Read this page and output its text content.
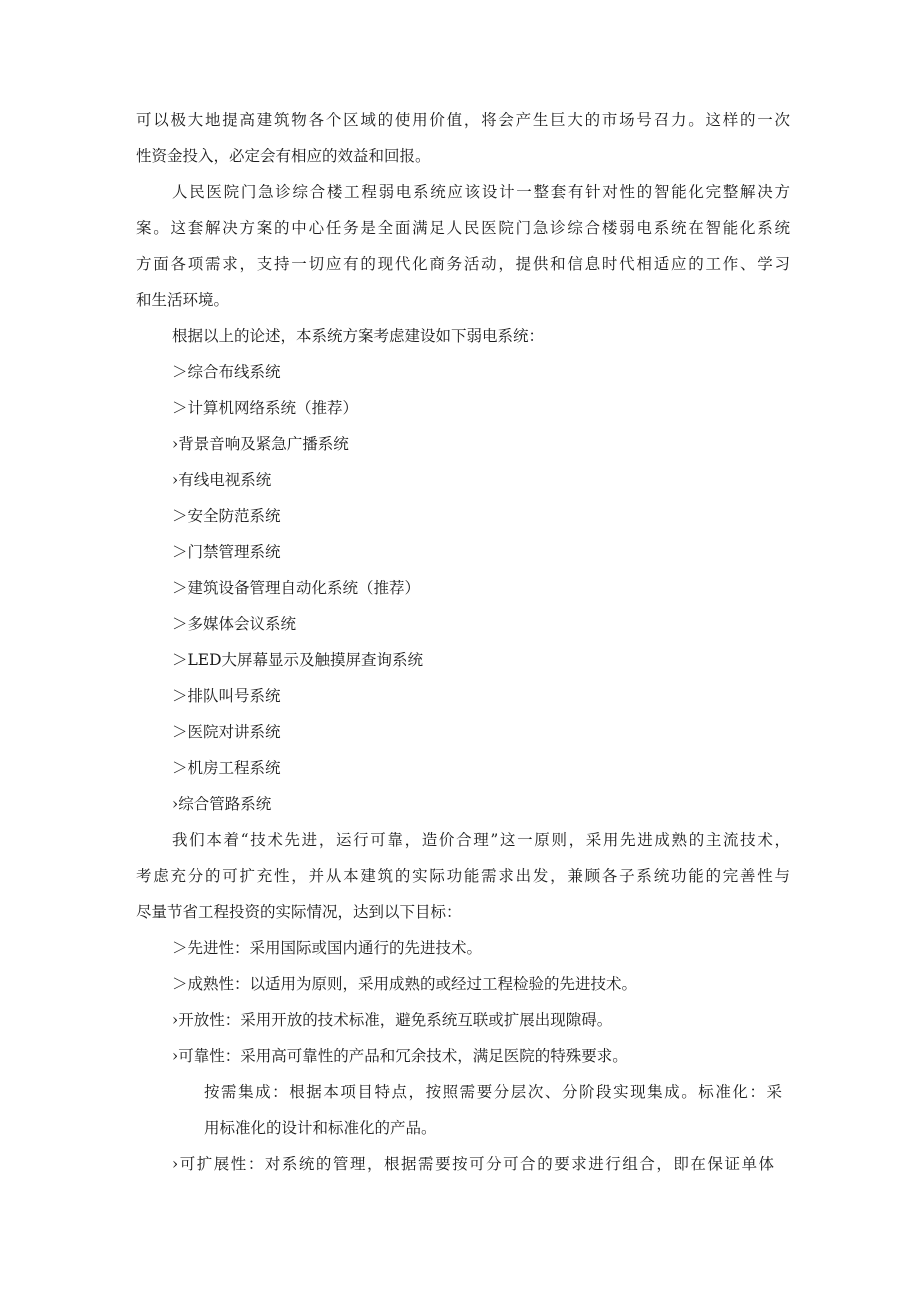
可以极大地提高建筑物各个区域的使用价值，将会产生巨大的市场号召力。这样的一次
性资金投入，必定会有相应的效益和回报。
人民医院门急诊综合楼工程弱电系统应该设计一整套有针对性的智能化完整解决方
案。这套解决方案的中心任务是全面满足人民医院门急诊综合楼弱电系统在智能化系统
方面各项需求，支持一切应有的现代化商务活动，提供和信息时代相适应的工作、学习
和生活环境。
根据以上的论述，本系统方案考虑建设如下弱电系统：
＞综合布线系统
＞计算机网络系统（推荐）
›背景音响及紧急广播系统
›有线电视系统
＞安全防范系统
＞门禁管理系统
＞建筑设备管理自动化系统（推荐）
＞多媒体会议系统
＞LED大屏幕显示及触摸屏查询系统
＞排队叫号系统
＞医院对讲系统
＞机房工程系统
›综合管路系统
我们本着“技术先进，运行可靠，造价合理”这一原则，采用先进成熟的主流技术，
考虑充分的可扩充性，并从本建筑的实际功能需求出发，兼顾各子系统功能的完善性与
尽量节省工程投资的实际情况，达到以下目标：
＞先进性：采用国际或国内通行的先进技术。
＞成熟性：以适用为原则，采用成熟的或经过工程检验的先进技术。
›开放性：采用开放的技术标准，避免系统互联或扩展出现隙碍。
›可靠性：采用高可靠性的产品和冗余技术，满足医院的特殊要求。
按需集成：根据本项目特点，按照需要分层次、分阶段实现集成。标准化：采
用标准化的设计和标准化的产品。
›可扩展性：对系统的管理，根据需要按可分可合的要求进行组合，即在保证单体
